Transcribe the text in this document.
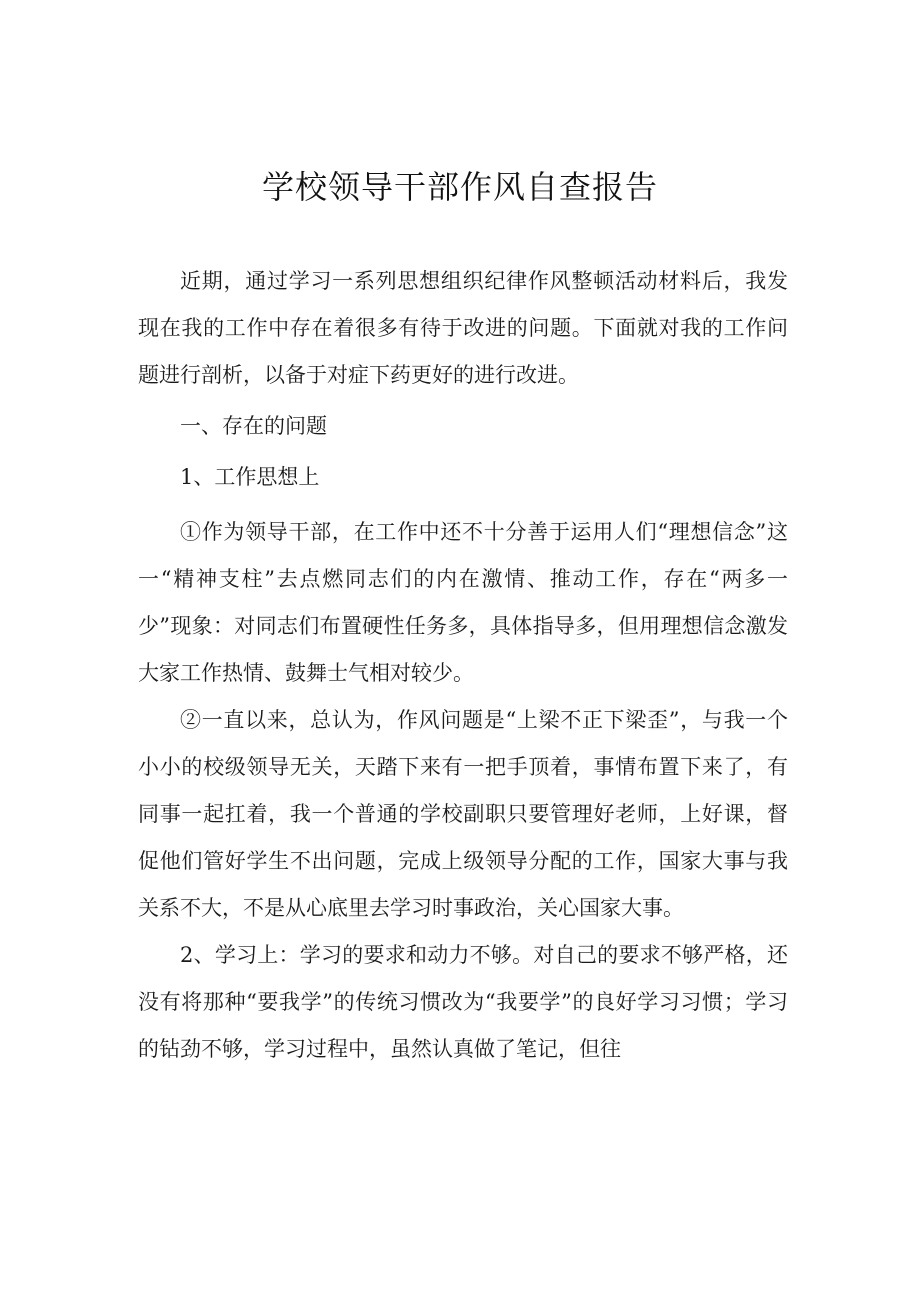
学校领导干部作风自查报告

近期，通过学习一系列思想组织纪律作风整顿活动材料后，我发现在我的工作中存在着很多有待于改进的问题。下面就对我的工作问题进行剖析，以备于对症下药更好的进行改进。

一、存在的问题

1、工作思想上

①作为领导干部，在工作中还不十分善于运用人们“理想信念”这一“精神支柱”去点燃同志们的内在激情、推动工作，存在“两多一少”现象：对同志们布置硬性任务多，具体指导多，但用理想信念激发大家工作热情、鼓舞士气相对较少。

②一直以来，总认为，作风问题是“上梁不正下梁歪”，与我一个小小的校级领导无关，天踏下来有一把手顶着，事情布置下来了，有同事一起扛着，我一个普通的学校副职只要管理好老师，上好课，督促他们管好学生不出问题，完成上级领导分配的工作，国家大事与我关系不大，不是从心底里去学习时事政治，关心国家大事。

2、学习上：学习的要求和动力不够。对自己的要求不够严格，还没有将那种“要我学”的传统习惯改为“我要学”的良好学习习惯；学习的钻劲不够，学习过程中，虽然认真做了笔记，但往
